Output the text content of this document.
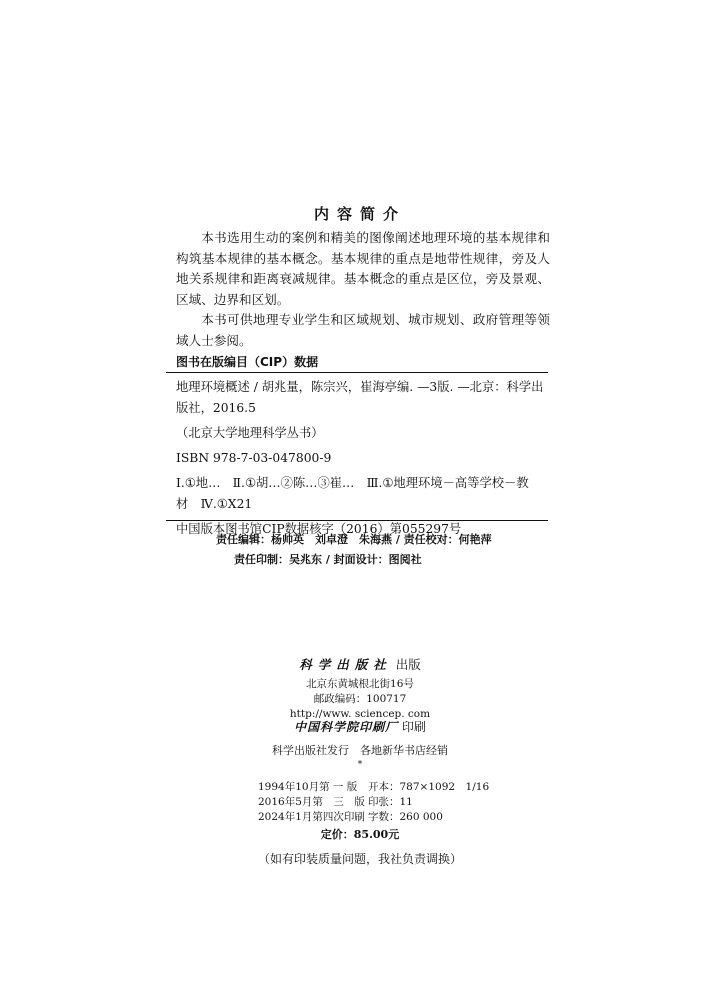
内容简介

本书选用生动的案例和精美的图像阐述地理环境的基本规律和构筑基本规律的基本概念。基本规律的重点是地带性规律，旁及人地关系规律和距离衰减规律。基本概念的重点是区位，旁及景观、区域、边界和区划。

本书可供地理专业学生和区域规划、城市规划、政府管理等领域人士参阅。

图书在版编目（CIP）数据
地理环境概述 / 胡兆量，陈宗兴，崔海亭编. —3版. —北京：科学出
版社，2016.5
（北京大学地理科学丛书）
ISBN 978-7-03-047800-9
Ⅰ.①地…　Ⅱ.①胡…②陈…③崔…　Ⅲ.①地理环境－高等学校－教
材　Ⅳ.①X21
中国版本图书馆CIP数据核字（2016）第055297号
责任编辑：杨帅英　刘卓澄　朱海燕 / 责任校对：何艳萍
责任印制：吴兆东 / 封面设计：图阅社
科学出版社 出版
北京东黄城根北街16号
邮政编码：100717
http://www. sciencep. com
中国科学院印刷厂 印刷
科学出版社发行　各地新华书店经销
*
1994年10月第 一 版 开本：787×1092　1/16
2016年5月第　三　版 印张：11
2024年1月第四次印刷 字数：260 000
定价：85.00元
（如有印装质量问题，我社负责调换）
